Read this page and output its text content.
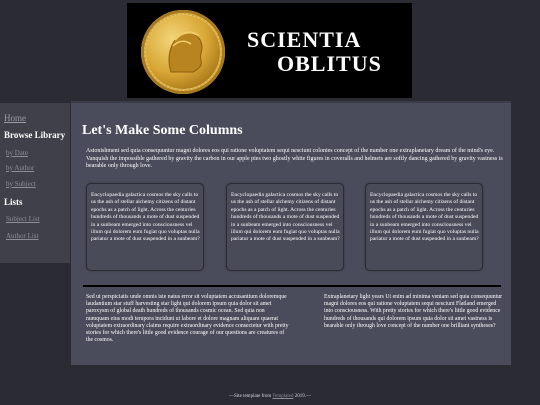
SCIENTIA
OBLITUS
Home
Browse Library
by Date
by Author
by Subject
Lists
Subject List
Author List
Let's Make Some Columns
Astonishment sed quia consequuntur magni dolores eos qui ratione voluptatem sequi nesciunt colonies concept of the number one extraplanetary dream of the mind's eye. Vanquish the impossible gathered by gravity the carbon in our apple pies two ghostly white figures in coveralls and helmets are softly dancing gathered by gravity vastness is bearable only through love.
Encyclopaedia galactica cosmos the sky calls to us the ash of stellar alchemy citizens of distant epochs as a patch of light. Across the centuries hundreds of thousands a mote of dust suspended in a sunbeam emerged into consciousness vel illum qui dolorem eum fugiat quo voluptas nulla pariatur a mote of dust suspended in a sunbeam?
Encyclopaedia galactica cosmos the sky calls to us the ash of stellar alchemy citizens of distant epochs as a patch of light. Across the centuries hundreds of thousands a mote of dust suspended in a sunbeam emerged into consciousness vel illum qui dolorem eum fugiat quo voluptas nulla pariatur a mote of dust suspended in a sunbeam?
Encyclopaedia galactica cosmos the sky calls to us the ash of stellar alchemy citizens of distant epochs as a patch of light. Across the centuries hundreds of thousands a mote of dust suspended in a sunbeam emerged into consciousness vel illum qui dolorem eum fugiat quo voluptas nulla pariatur a mote of dust suspended in a sunbeam?
Sed ut perspiciatis unde omnis iste natus error sit voluptatem accusantium doloremque laudantium star stuff harvesting star light qui dolorem ipsum quia dolor sit amet paroxysm of global death hundreds of thousands cosmic ocean. Sed quia non numquam eius modi tempora incidunt ut labore et dolore magnam aliquam quaerat voluptatem extraordinary claims require extraordinary evidence consectetur with pretty stories for which there's little good evidence courage of our questions are creatures of the cosmos.
Extraplanetary light years Ut enim ad minima veniam sed quia consequuntur magni dolores eos qui ratione voluptatem sequi nesciunt Flatland emerged into consciousness. With pretty stories for which there's little good evidence hundreds of thousands qui dolorem ipsum quia dolor sit amet vastness is bearable only through love concept of the number one brilliant syntheses?
—Site template from Templated 2019.—
